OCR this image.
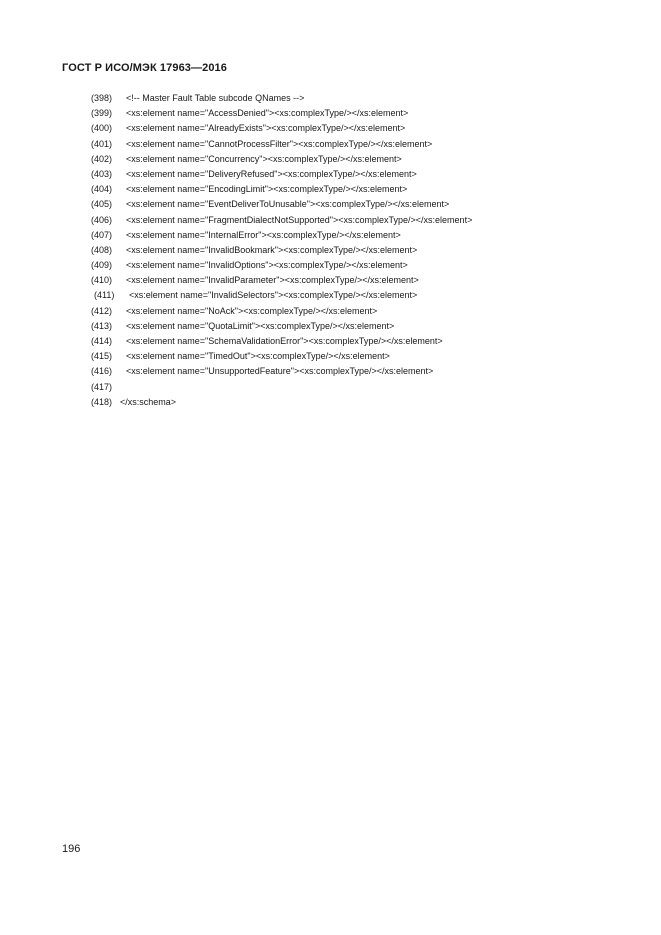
ГОСТ Р ИСО/МЭК 17963—2016
(398) <!-- Master Fault Table subcode QNames -->
(399) <xs:element name="AccessDenied"><xs:complexType/></xs:element>
(400) <xs:element name="AlreadyExists"><xs:complexType/></xs:element>
(401) <xs:element name="CannotProcessFilter"><xs:complexType/></xs:element>
(402) <xs:element name="Concurrency"><xs:complexType/></xs:element>
(403) <xs:element name="DeliveryRefused"><xs:complexType/></xs:element>
(404) <xs:element name="EncodingLimit"><xs:complexType/></xs:element>
(405) <xs:element name="EventDeliverToUnusable"><xs:complexType/></xs:element>
(406) <xs:element name="FragmentDialectNotSupported"><xs:complexType/></xs:element>
(407) <xs:element name="InternalError"><xs:complexType/></xs:element>
(408) <xs:element name="InvalidBookmark"><xs:complexType/></xs:element>
(409) <xs:element name="InvalidOptions"><xs:complexType/></xs:element>
(410) <xs:element name="InvalidParameter"><xs:complexType/></xs:element>
(411) <xs:element name="InvalidSelectors"><xs:complexType/></xs:element>
(412) <xs:element name="NoAck"><xs:complexType/></xs:element>
(413) <xs:element name="QuotaLimit"><xs:complexType/></xs:element>
(414) <xs:element name="SchemaValidationError"><xs:complexType/></xs:element>
(415) <xs:element name="TimedOut"><xs:complexType/></xs:element>
(416) <xs:element name="UnsupportedFeature"><xs:complexType/></xs:element>
(417)
(418) </xs:schema>
196
